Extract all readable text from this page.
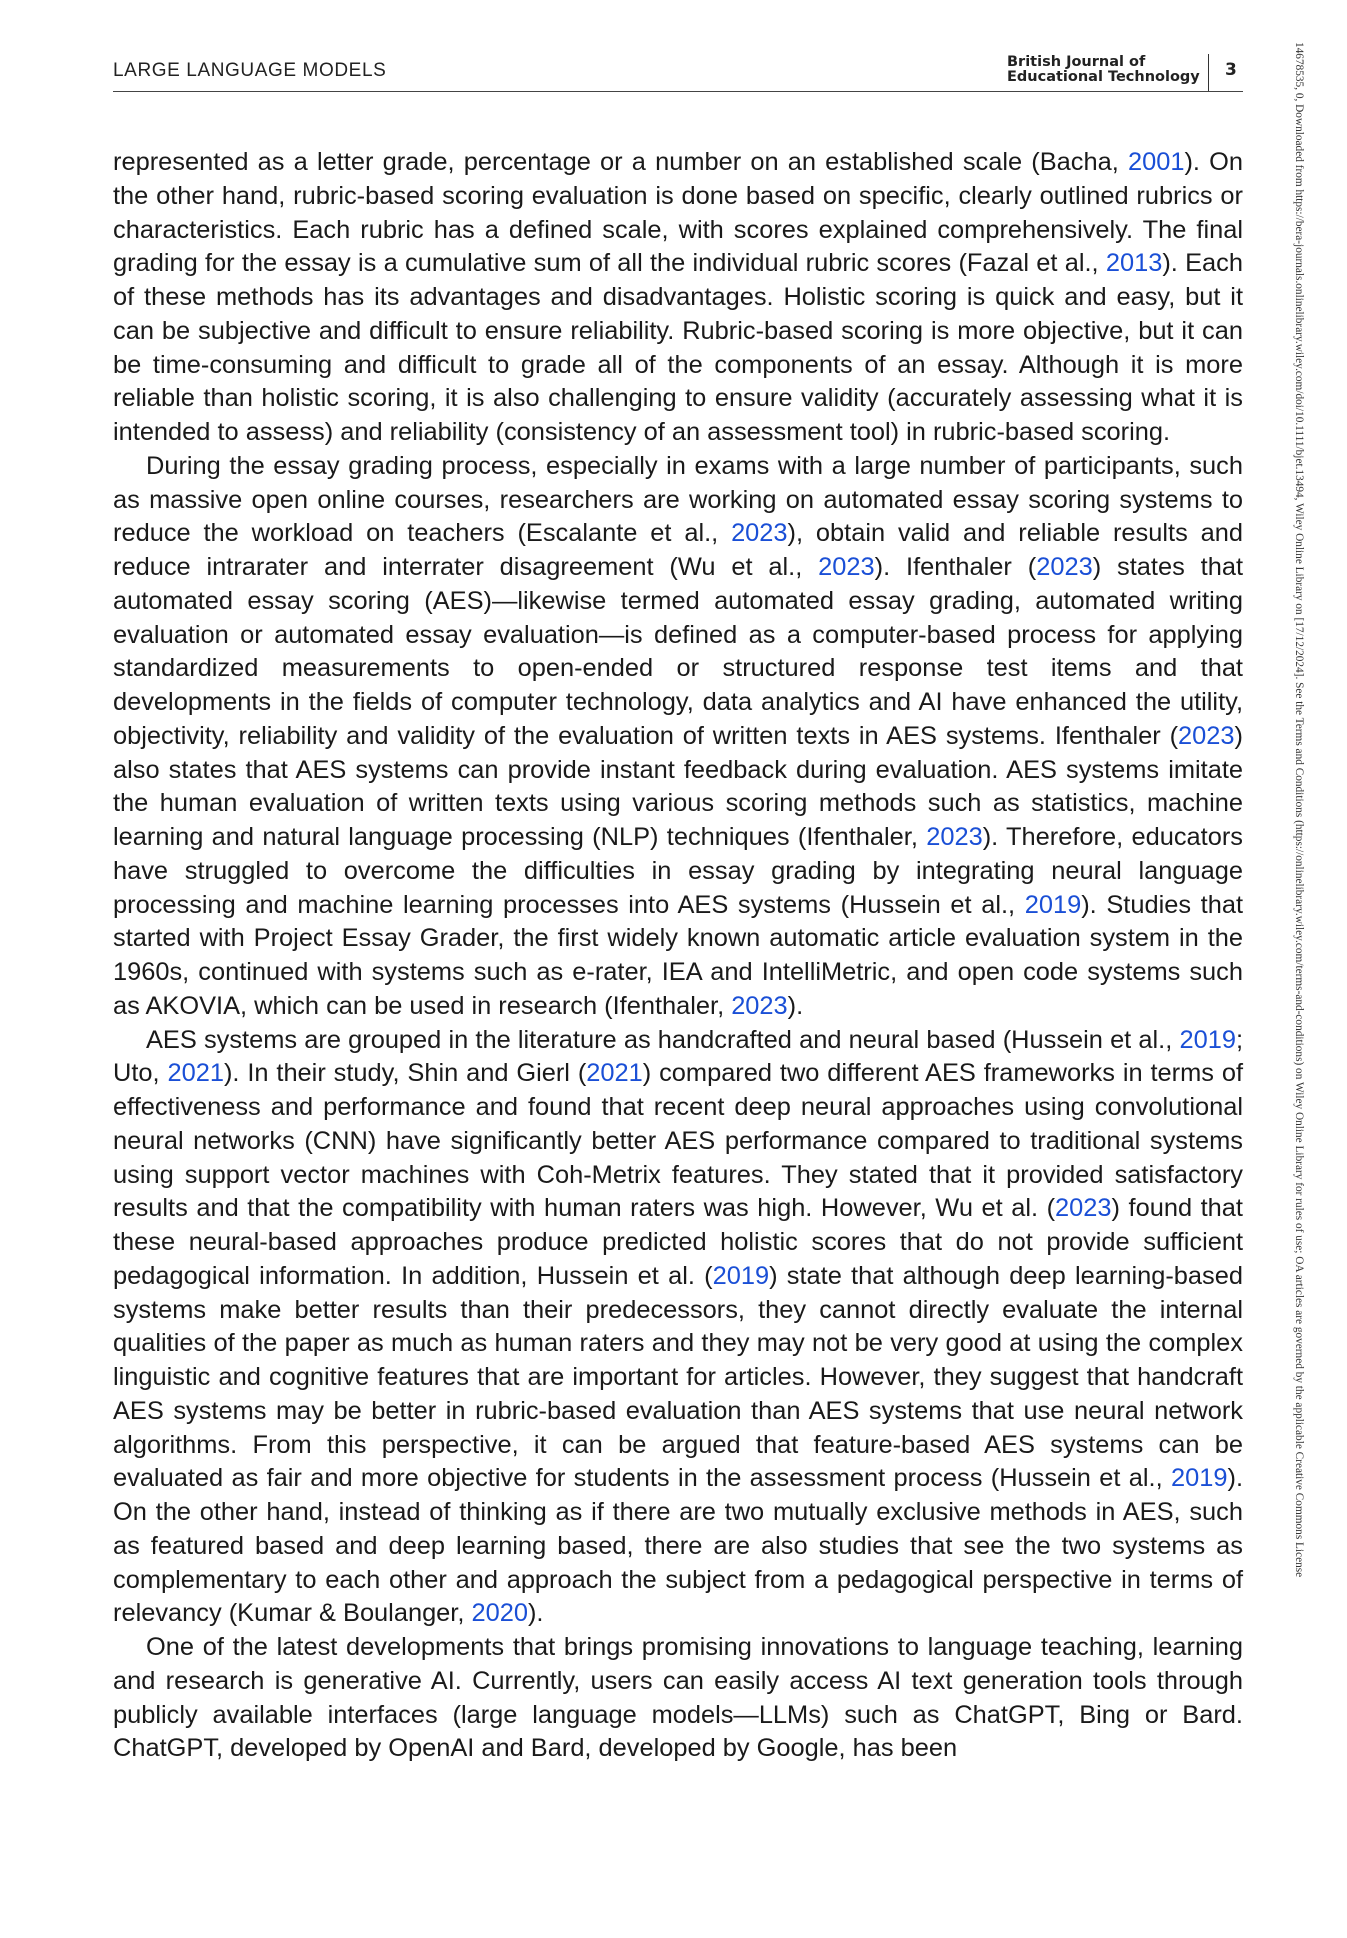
LARGE LANGUAGE MODELS	British Journal of
Educational Technology 3	14678535, 0, Downloaded from https://bera-journals.onlinelibrary.wiley.com/doi/10.1111/bjet.13494, Wiley Online Library on [17/12/2024]. See the Terms and Conditions (https://onlinelibrary.wiley.com/terms-and-conditions) on Wiley Online Library for rules of use; OA articles are governed by the applicable Creative Commons License

represented as a letter grade, percentage or a number on an established scale (Bacha, 2001). On the other hand, rubric-based scoring evaluation is done based on specific, clearly outlined rubrics or characteristics. Each rubric has a defined scale, with scores explained comprehensively. The final grading for the essay is a cumulative sum of all the individual rubric scores (Fazal et al., 2013). Each of these methods has its advantages and disadvantages. Holistic scoring is quick and easy, but it can be subjective and difficult to ensure reliability. Rubric-based scoring is more objective, but it can be time-consuming and difficult to grade all of the components of an essay. Although it is more reliable than holistic scoring, it is also challenging to ensure validity (accurately assessing what it is intended to assess) and reliability (consistency of an assessment tool) in rubric-based scoring.

During the essay grading process, especially in exams with a large number of participants, such as massive open online courses, researchers are working on automated essay scoring systems to reduce the workload on teachers (Escalante et al., 2023), obtain valid and reliable results and reduce intrarater and interrater disagreement (Wu et al., 2023). Ifenthaler (2023) states that automated essay scoring (AES)—likewise termed automated essay grading, automated writing evaluation or automated essay evaluation—is defined as a computer-based process for applying standardized measurements to open-ended or structured response test items and that developments in the fields of computer technology, data analytics and AI have enhanced the utility, objectivity, reliability and validity of the evaluation of written texts in AES systems. Ifenthaler (2023) also states that AES systems can provide instant feedback during evaluation. AES systems imitate the human evaluation of written texts using various scoring methods such as statistics, machine learning and natural language processing (NLP) techniques (Ifenthaler, 2023). Therefore, educators have struggled to overcome the difficulties in essay grading by integrating neural language processing and machine learning processes into AES systems (Hussein et al., 2019). Studies that started with Project Essay Grader, the first widely known automatic article evaluation system in the 1960s, continued with systems such as e-rater, IEA and IntelliMetric, and open code systems such as AKOVIA, which can be used in research (Ifenthaler, 2023).

AES systems are grouped in the literature as handcrafted and neural based (Hussein et al., 2019; Uto, 2021). In their study, Shin and Gierl (2021) compared two different AES frameworks in terms of effectiveness and performance and found that recent deep neural approaches using convolutional neural networks (CNN) have significantly better AES performance compared to traditional systems using support vector machines with Coh-Metrix features. They stated that it provided satisfactory results and that the compatibility with human raters was high. However, Wu et al. (2023) found that these neural-based approaches produce predicted holistic scores that do not provide sufficient pedagogical information. In addition, Hussein et al. (2019) state that although deep learning-based systems make better results than their predecessors, they cannot directly evaluate the internal qualities of the paper as much as human raters and they may not be very good at using the complex linguistic and cognitive features that are important for articles. However, they suggest that handcraft AES systems may be better in rubric-based evaluation than AES systems that use neural network algorithms. From this perspective, it can be argued that feature-based AES systems can be evaluated as fair and more objective for students in the assessment process (Hussein et al., 2019). On the other hand, instead of thinking as if there are two mutually exclusive methods in AES, such as featured based and deep learning based, there are also studies that see the two systems as complementary to each other and approach the subject from a pedagogical perspective in terms of relevancy (Kumar & Boulanger, 2020).

One of the latest developments that brings promising innovations to language teaching, learning and research is generative AI. Currently, users can easily access AI text generation tools through publicly available interfaces (large language models—LLMs) such as ChatGPT, Bing or Bard. ChatGPT, developed by OpenAI and Bard, developed by Google, has been
